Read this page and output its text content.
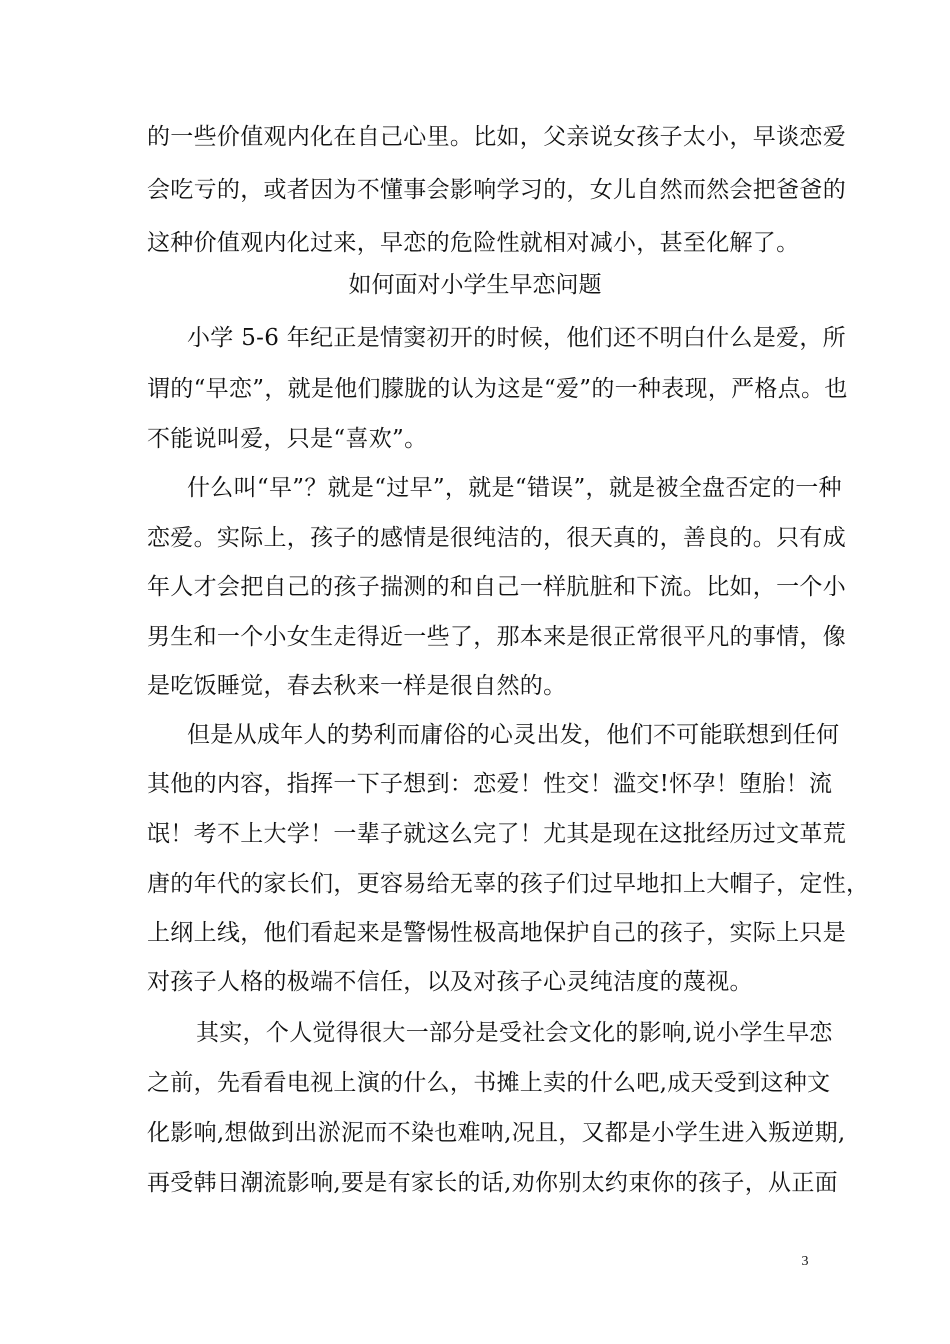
的一些价值观内化在自己心里。比如，父亲说女孩子太小，早谈恋爱
会吃亏的，或者因为不懂事会影响学习的，女儿自然而然会把爸爸的
这种价值观内化过来，早恋的危险性就相对减小，甚至化解了。
如何面对小学生早恋问题
小学 5-6 年纪正是情窦初开的时候，他们还不明白什么是爱，所
谓的“早恋”，就是他们朦胧的认为这是“爱”的一种表现，严格点。也
不能说叫爱，只是“喜欢”。
什么叫“早”？就是“过早”，就是“错误”，就是被全盘否定的一种
恋爱。实际上，孩子的感情是很纯洁的，很天真的，善良的。只有成
年人才会把自己的孩子揣测的和自己一样肮脏和下流。比如，一个小
男生和一个小女生走得近一些了，那本来是很正常很平凡的事情，像
是吃饭睡觉，春去秋来一样是很自然的。
但是从成年人的势利而庸俗的心灵出发，他们不可能联想到任何
其他的内容，指挥一下子想到：恋爱！性交！滥交!怀孕！堕胎！流
氓！考不上大学！一辈子就这么完了！尤其是现在这批经历过文革荒
唐的年代的家长们，更容易给无辜的孩子们过早地扣上大帽子，定性，
上纲上线，他们看起来是警惕性极高地保护自己的孩子，实际上只是
对孩子人格的极端不信任，以及对孩子心灵纯洁度的蔑视。
其实，个人觉得很大一部分是受社会文化的影响,说小学生早恋
之前，先看看电视上演的什么，书摊上卖的什么吧,成天受到这种文
化影响,想做到出淤泥而不染也难呐,况且，又都是小学生进入叛逆期,
再受韩日潮流影响,要是有家长的话,劝你别太约束你的孩子，从正面
3
